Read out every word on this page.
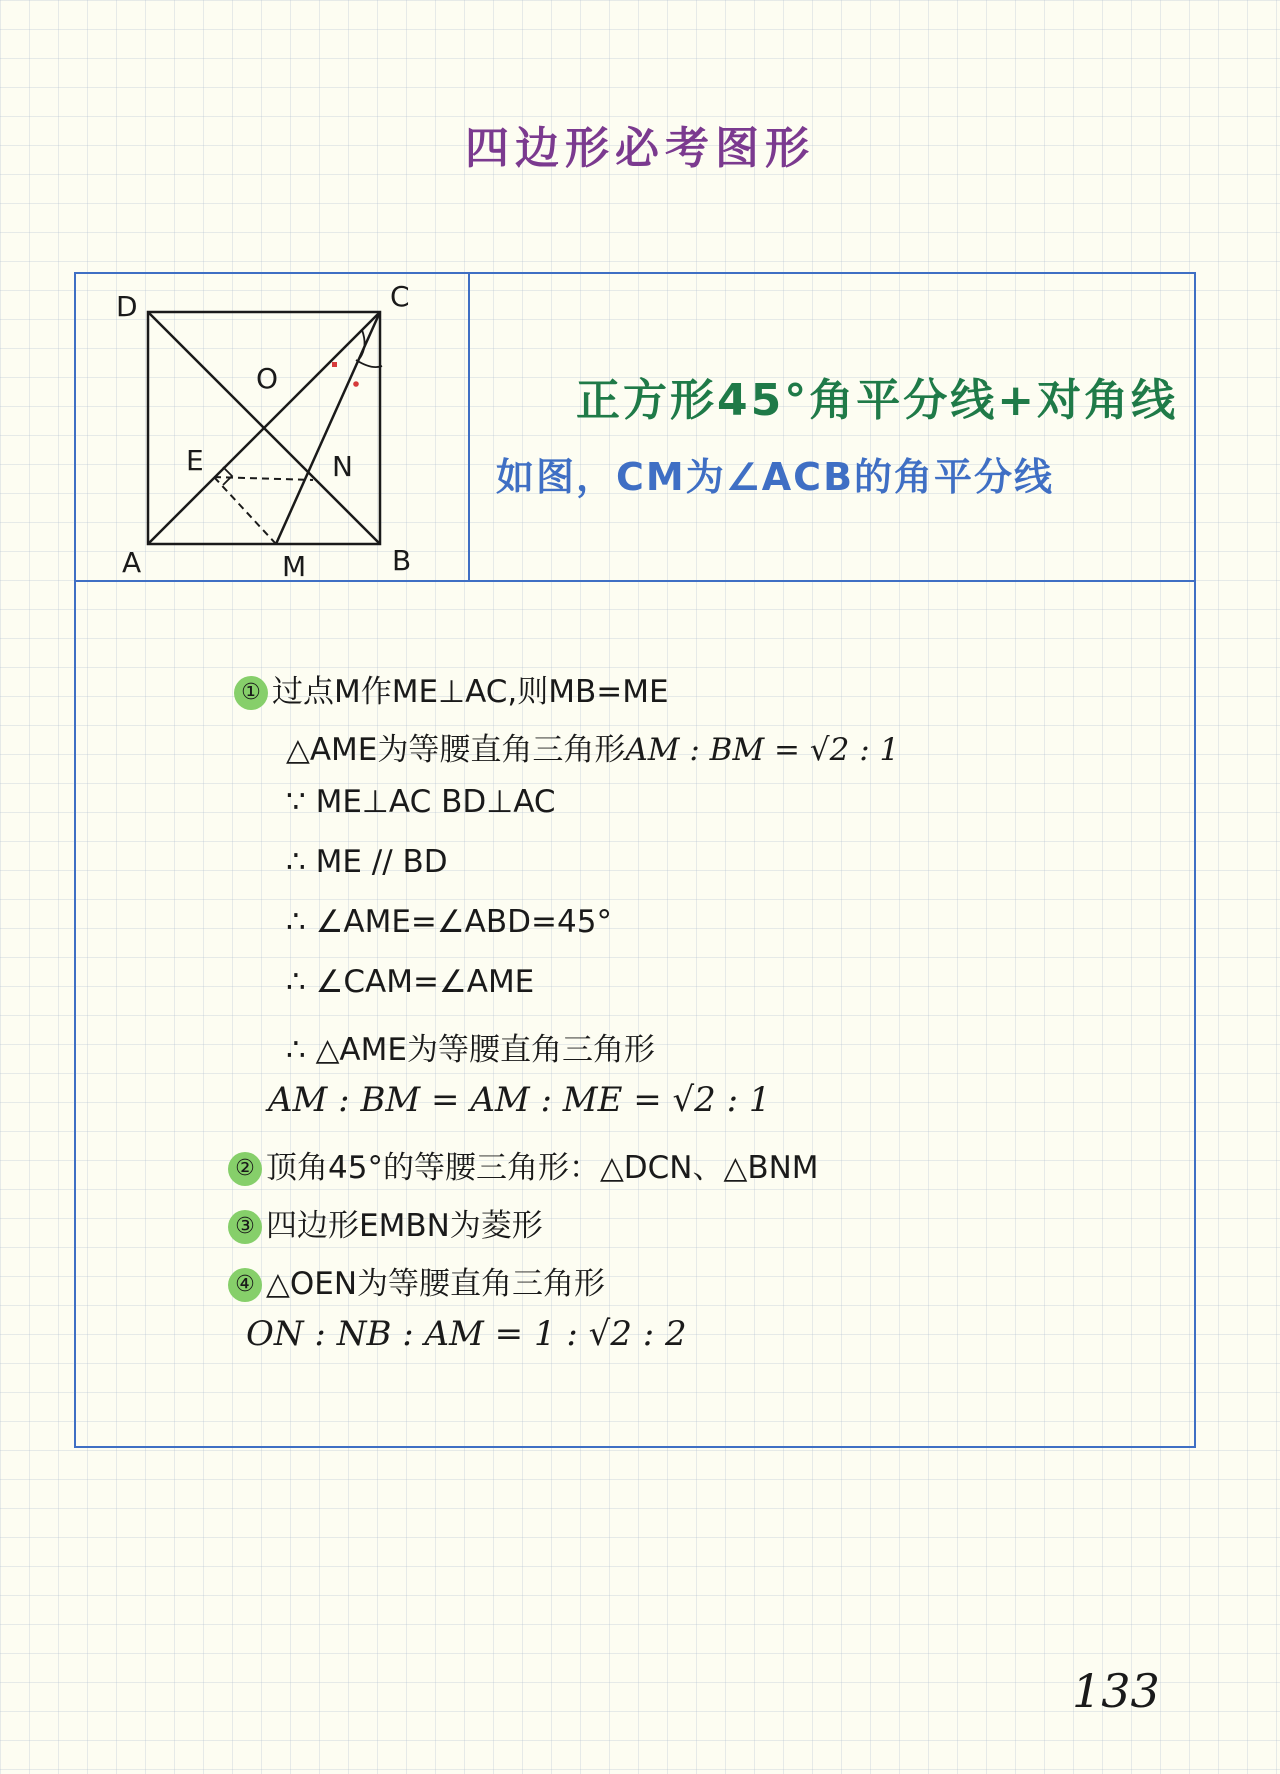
四边形必考图形
D	C
A	B
O
E	N
M
正方形45°角平分线+对角线
如图，CM为∠ACB的角平分线
① 过点M作ME⊥AC,则MB=ME
△AME为等腰直角三角形AM : BM = √2 : 1
∵ ME⊥AC BD⊥AC
∴ ME // BD
∴ ∠AME=∠ABD=45°
∴ ∠CAM=∠AME
∴ △AME为等腰直角三角形
AM : BM = AM : ME = √2 : 1
② 顶角45°的等腰三角形：△DCN、△BNM
③ 四边形EMBN为菱形
④ △OEN为等腰直角三角形
ON : NB : AM = 1 : √2 : 2
133
